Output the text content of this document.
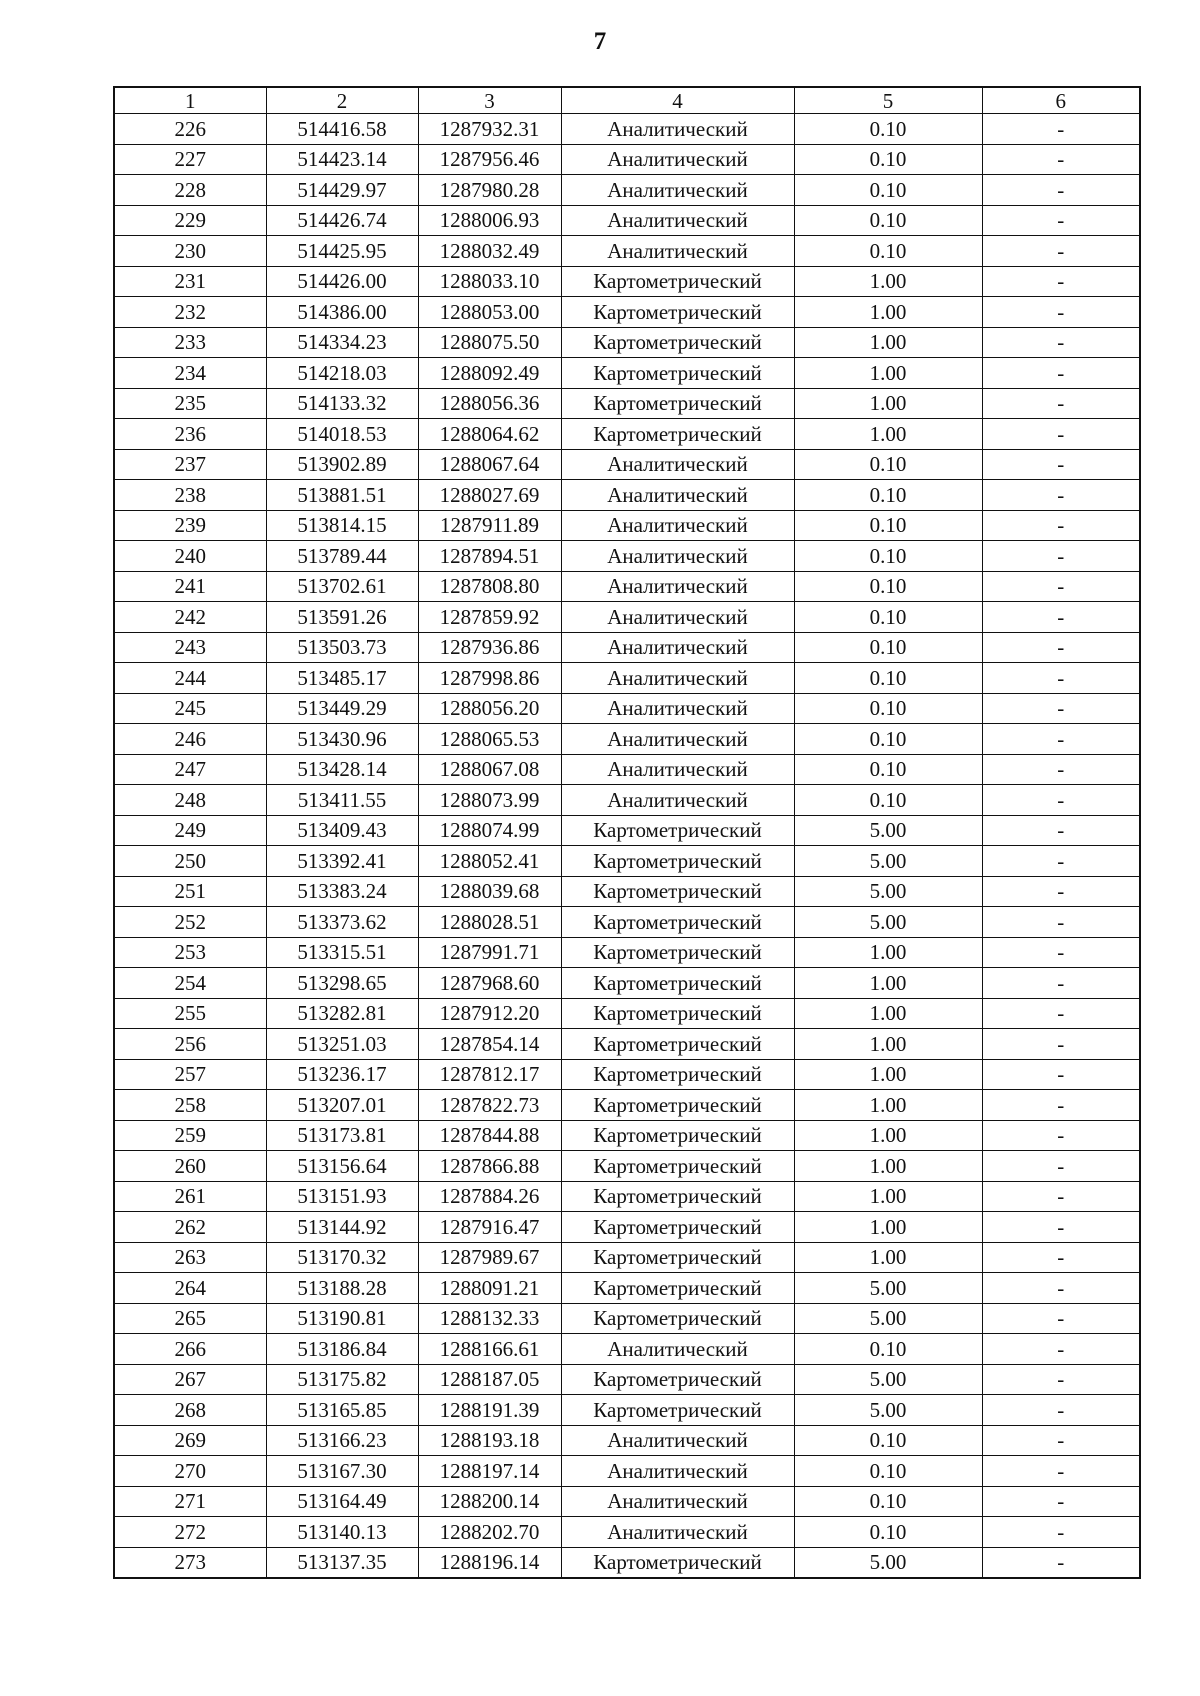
7
1	2	3	4	5	6
226	514416.58	1287932.31	Аналитический	0.10	-
227	514423.14	1287956.46	Аналитический	0.10	-
228	514429.97	1287980.28	Аналитический	0.10	-
229	514426.74	1288006.93	Аналитический	0.10	-
230	514425.95	1288032.49	Аналитический	0.10	-
231	514426.00	1288033.10	Картометрический	1.00	-
232	514386.00	1288053.00	Картометрический	1.00	-
233	514334.23	1288075.50	Картометрический	1.00	-
234	514218.03	1288092.49	Картометрический	1.00	-
235	514133.32	1288056.36	Картометрический	1.00	-
236	514018.53	1288064.62	Картометрический	1.00	-
237	513902.89	1288067.64	Аналитический	0.10	-
238	513881.51	1288027.69	Аналитический	0.10	-
239	513814.15	1287911.89	Аналитический	0.10	-
240	513789.44	1287894.51	Аналитический	0.10	-
241	513702.61	1287808.80	Аналитический	0.10	-
242	513591.26	1287859.92	Аналитический	0.10	-
243	513503.73	1287936.86	Аналитический	0.10	-
244	513485.17	1287998.86	Аналитический	0.10	-
245	513449.29	1288056.20	Аналитический	0.10	-
246	513430.96	1288065.53	Аналитический	0.10	-
247	513428.14	1288067.08	Аналитический	0.10	-
248	513411.55	1288073.99	Аналитический	0.10	-
249	513409.43	1288074.99	Картометрический	5.00	-
250	513392.41	1288052.41	Картометрический	5.00	-
251	513383.24	1288039.68	Картометрический	5.00	-
252	513373.62	1288028.51	Картометрический	5.00	-
253	513315.51	1287991.71	Картометрический	1.00	-
254	513298.65	1287968.60	Картометрический	1.00	-
255	513282.81	1287912.20	Картометрический	1.00	-
256	513251.03	1287854.14	Картометрический	1.00	-
257	513236.17	1287812.17	Картометрический	1.00	-
258	513207.01	1287822.73	Картометрический	1.00	-
259	513173.81	1287844.88	Картометрический	1.00	-
260	513156.64	1287866.88	Картометрический	1.00	-
261	513151.93	1287884.26	Картометрический	1.00	-
262	513144.92	1287916.47	Картометрический	1.00	-
263	513170.32	1287989.67	Картометрический	1.00	-
264	513188.28	1288091.21	Картометрический	5.00	-
265	513190.81	1288132.33	Картометрический	5.00	-
266	513186.84	1288166.61	Аналитический	0.10	-
267	513175.82	1288187.05	Картометрический	5.00	-
268	513165.85	1288191.39	Картометрический	5.00	-
269	513166.23	1288193.18	Аналитический	0.10	-
270	513167.30	1288197.14	Аналитический	0.10	-
271	513164.49	1288200.14	Аналитический	0.10	-
272	513140.13	1288202.70	Аналитический	0.10	-
273	513137.35	1288196.14	Картометрический	5.00	-
